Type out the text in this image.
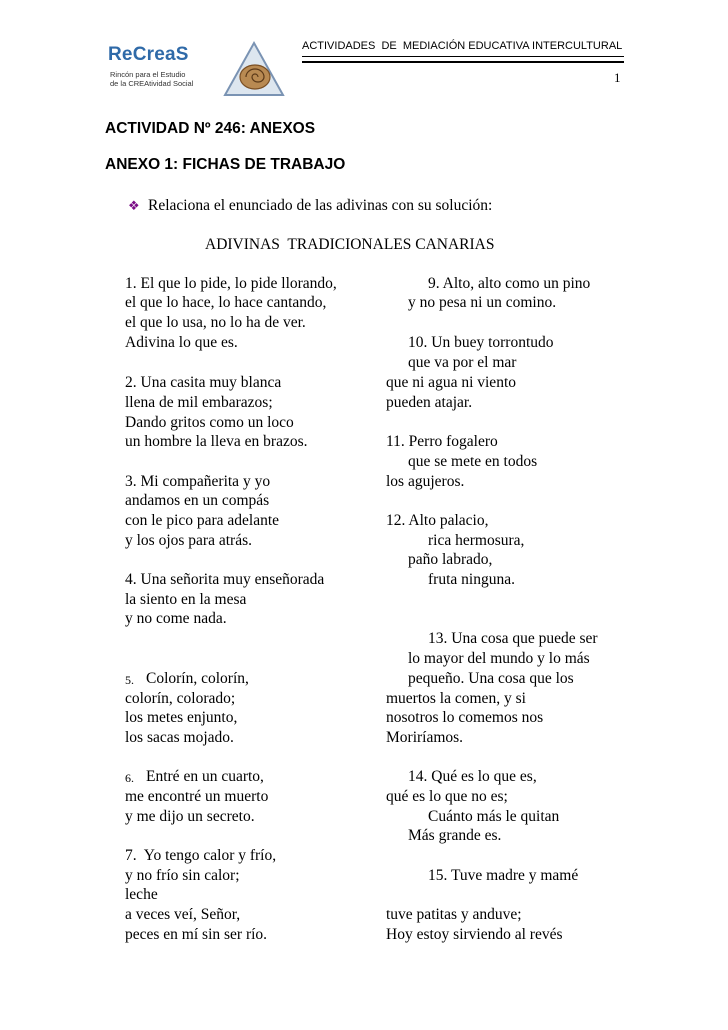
ReCreaS
Rincón para el Estudio
de la CREAtividad Social
ACTIVIDADES  DE  MEDIACIÓN EDUCATIVA INTERCULTURAL
1
ACTIVIDAD Nº 246: ANEXOS
ANEXO 1: FICHAS DE TRABAJO
❖ Relaciona el enunciado de las adivinas con su solución:
ADIVINAS  TRADICIONALES CANARIAS
1. El que lo pide, lo pide llorando,
el que lo hace, lo hace cantando,
el que lo usa, no lo ha de ver.
Adivina lo que es.
2. Una casita muy blanca
llena de mil embarazos;
Dando gritos como un loco
un hombre la lleva en brazos.
3. Mi compañerita y yo
andamos en un compás
con le pico para adelante
y los ojos para atrás.
4. Una señorita muy enseñorada
la siento en la mesa
y no come nada.
5. Colorín, colorín,
colorín, colorado;
los metes enjunto,
los sacas mojado.
6. Entré en un cuarto,
me encontré un muerto
y me dijo un secreto.
7.  Yo tengo calor y frío,
y no frío sin calor;
leche
a veces veí, Señor,
peces en mí sin ser río.
9. Alto, alto como un pino
y no pesa ni un comino.
10. Un buey torrontudo
que va por el mar
que ni agua ni viento
pueden atajar.
11. Perro fogalero
que se mete en todos
los agujeros.
12. Alto palacio,
rica hermosura,
paño labrado,
fruta ninguna.
13. Una cosa que puede ser
lo mayor del mundo y lo más
pequeño. Una cosa que los
muertos la comen, y si
nosotros lo comemos nos
Moriríamos.
14. Qué es lo que es,
qué es lo que no es;
Cuánto más le quitan
Más grande es.
15. Tuve madre y mamé
tuve patitas y anduve;
Hoy estoy sirviendo al revés
